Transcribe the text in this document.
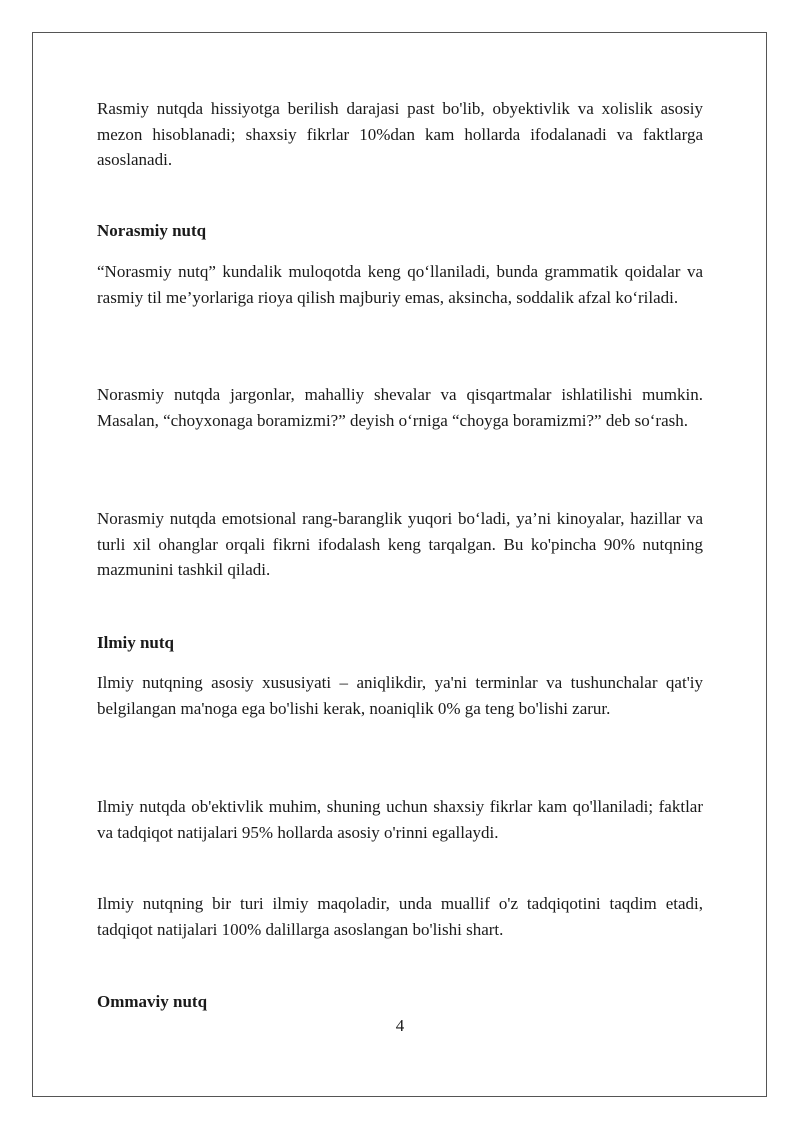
Rasmiy nutqda hissiyotga berilish darajasi past bo'lib, obyektivlik va xolislik asosiy mezon hisoblanadi; shaxsiy fikrlar 10%dan kam hollarda ifodalanadi va faktlarga asoslanadi.

Norasmiy nutq

“Norasmiy nutq” kundalik muloqotda keng qo‘llaniladi, bunda grammatik qoidalar va rasmiy til me’yorlariga rioya qilish majburiy emas, aksincha, soddalik afzal ko‘riladi.

Norasmiy nutqda jargonlar, mahalliy shevalar va qisqartmalar ishlatilishi mumkin. Masalan, “choyxonaga boramizmi?” deyish o‘rniga “choyga boramizmi?” deb so‘rash.

Norasmiy nutqda emotsional rang-baranglik yuqori bo‘ladi, ya’ni kinoyalar, hazillar va turli xil ohanglar orqali fikrni ifodalash keng tarqalgan. Bu ko'pincha 90% nutqning mazmunini tashkil qiladi.

Ilmiy nutq

Ilmiy nutqning asosiy xususiyati – aniqlikdir, ya'ni terminlar va tushunchalar qat'iy belgilangan ma'noga ega bo'lishi kerak, noaniqlik 0% ga teng bo'lishi zarur.

Ilmiy nutqda ob'ektivlik muhim, shuning uchun shaxsiy fikrlar kam qo'llaniladi; faktlar va tadqiqot natijalari 95% hollarda asosiy o'rinni egallaydi.

Ilmiy nutqning bir turi ilmiy maqoladir, unda muallif o'z tadqiqotini taqdim etadi, tadqiqot natijalari 100% dalillarga asoslangan bo'lishi shart.

Ommaviy nutq

4
